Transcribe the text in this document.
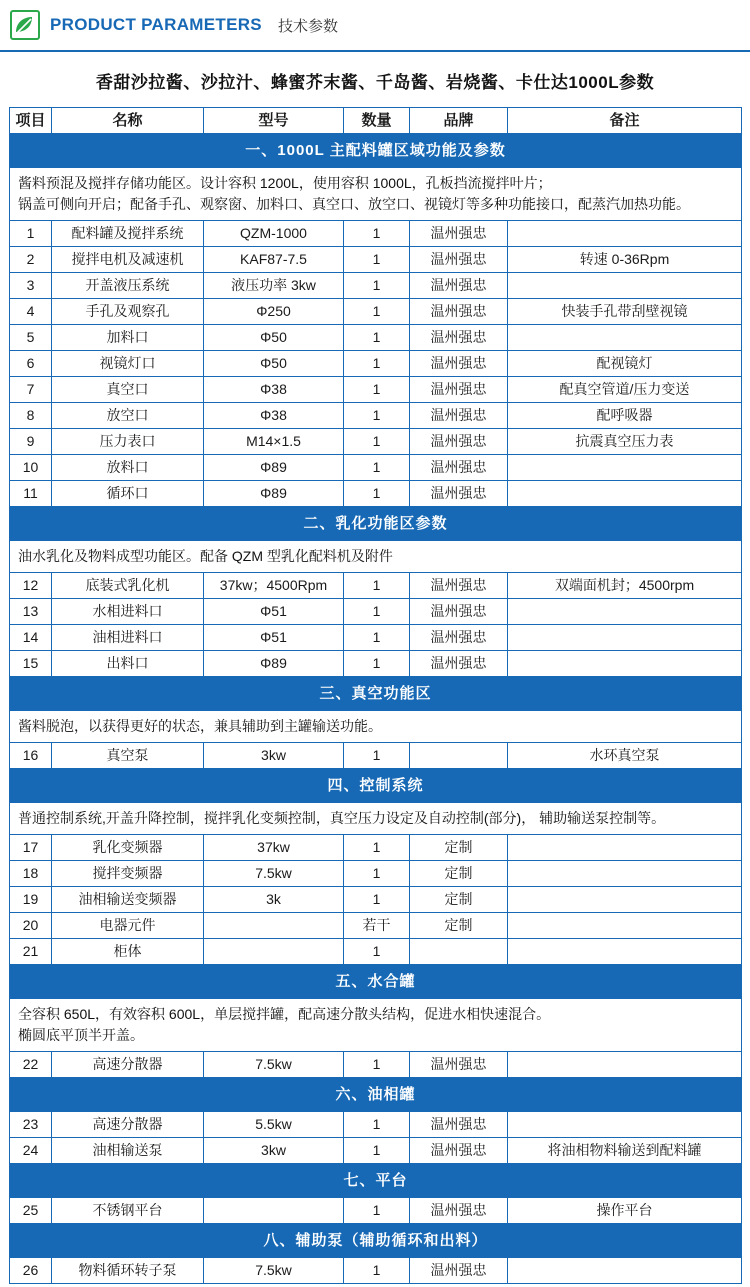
PRODUCT PARAMETERS 技术参数
香甜沙拉酱、沙拉汁、蜂蜜芥末酱、千岛酱、岩烧酱、卡仕达1000L参数
项目	名称	型号	数量	品牌	备注
一、1000L 主配料罐区域功能及参数					
酱料预混及搅拌存储功能区。设计容积 1200L，使用容积 1000L，孔板挡流搅拌叶片；
锅盖可侧向开启；配备手孔、观察窗、加料口、真空口、放空口、视镜灯等多种功能接口，配蒸汽加热功能。					
1	配料罐及搅拌系统	QZM-1000	1	温州强忠	
2	搅拌电机及减速机	KAF87-7.5	1	温州强忠	转速 0-36Rpm
3	开盖液压系统	液压功率 3kw	1	温州强忠	
4	手孔及观察孔	Φ250	1	温州强忠	快装手孔带刮壁视镜
5	加料口	Φ50	1	温州强忠	
6	视镜灯口	Φ50	1	温州强忠	配视镜灯
7	真空口	Φ38	1	温州强忠	配真空管道/压力变送
8	放空口	Φ38	1	温州强忠	配呼吸器
9	压力表口	M14×1.5	1	温州强忠	抗震真空压力表
10	放料口	Φ89	1	温州强忠	
11	循环口	Φ89	1	温州强忠	
二、乳化功能区参数					
油水乳化及物料成型功能区。配备 QZM 型乳化配料机及附件					
12	底装式乳化机	37kw；4500Rpm	1	温州强忠	双端面机封；4500rpm
13	水相进料口	Φ51	1	温州强忠	
14	油相进料口	Φ51	1	温州强忠	
15	出料口	Φ89	1	温州强忠	
三、真空功能区					
酱料脱泡，以获得更好的状态，兼具辅助到主罐输送功能。					
16	真空泵	3kw	1		水环真空泵
四、控制系统					
普通控制系统,开盖升降控制，搅拌乳化变频控制，真空压力设定及自动控制(部分)， 辅助输送泵控制等。					
17	乳化变频器	37kw	1	定制	
18	搅拌变频器	7.5kw	1	定制	
19	油相输送变频器	3k	1	定制	
20	电器元件		若干	定制	
21	柜体		1		
五、水合罐					
全容积 650L，有效容积 600L，单层搅拌罐，配高速分散头结构，促进水相快速混合。
椭圆底平顶半开盖。					
22	高速分散器	7.5kw	1	温州强忠	
六、油相罐					
23	高速分散器	5.5kw	1	温州强忠	
24	油相输送泵	3kw	1	温州强忠	将油相物料输送到配料罐
七、平台					
25	不锈钢平台		1	温州强忠	操作平台
八、辅助泵（辅助循环和出料）					
26	物料循环转子泵	7.5kw	1	温州强忠	
